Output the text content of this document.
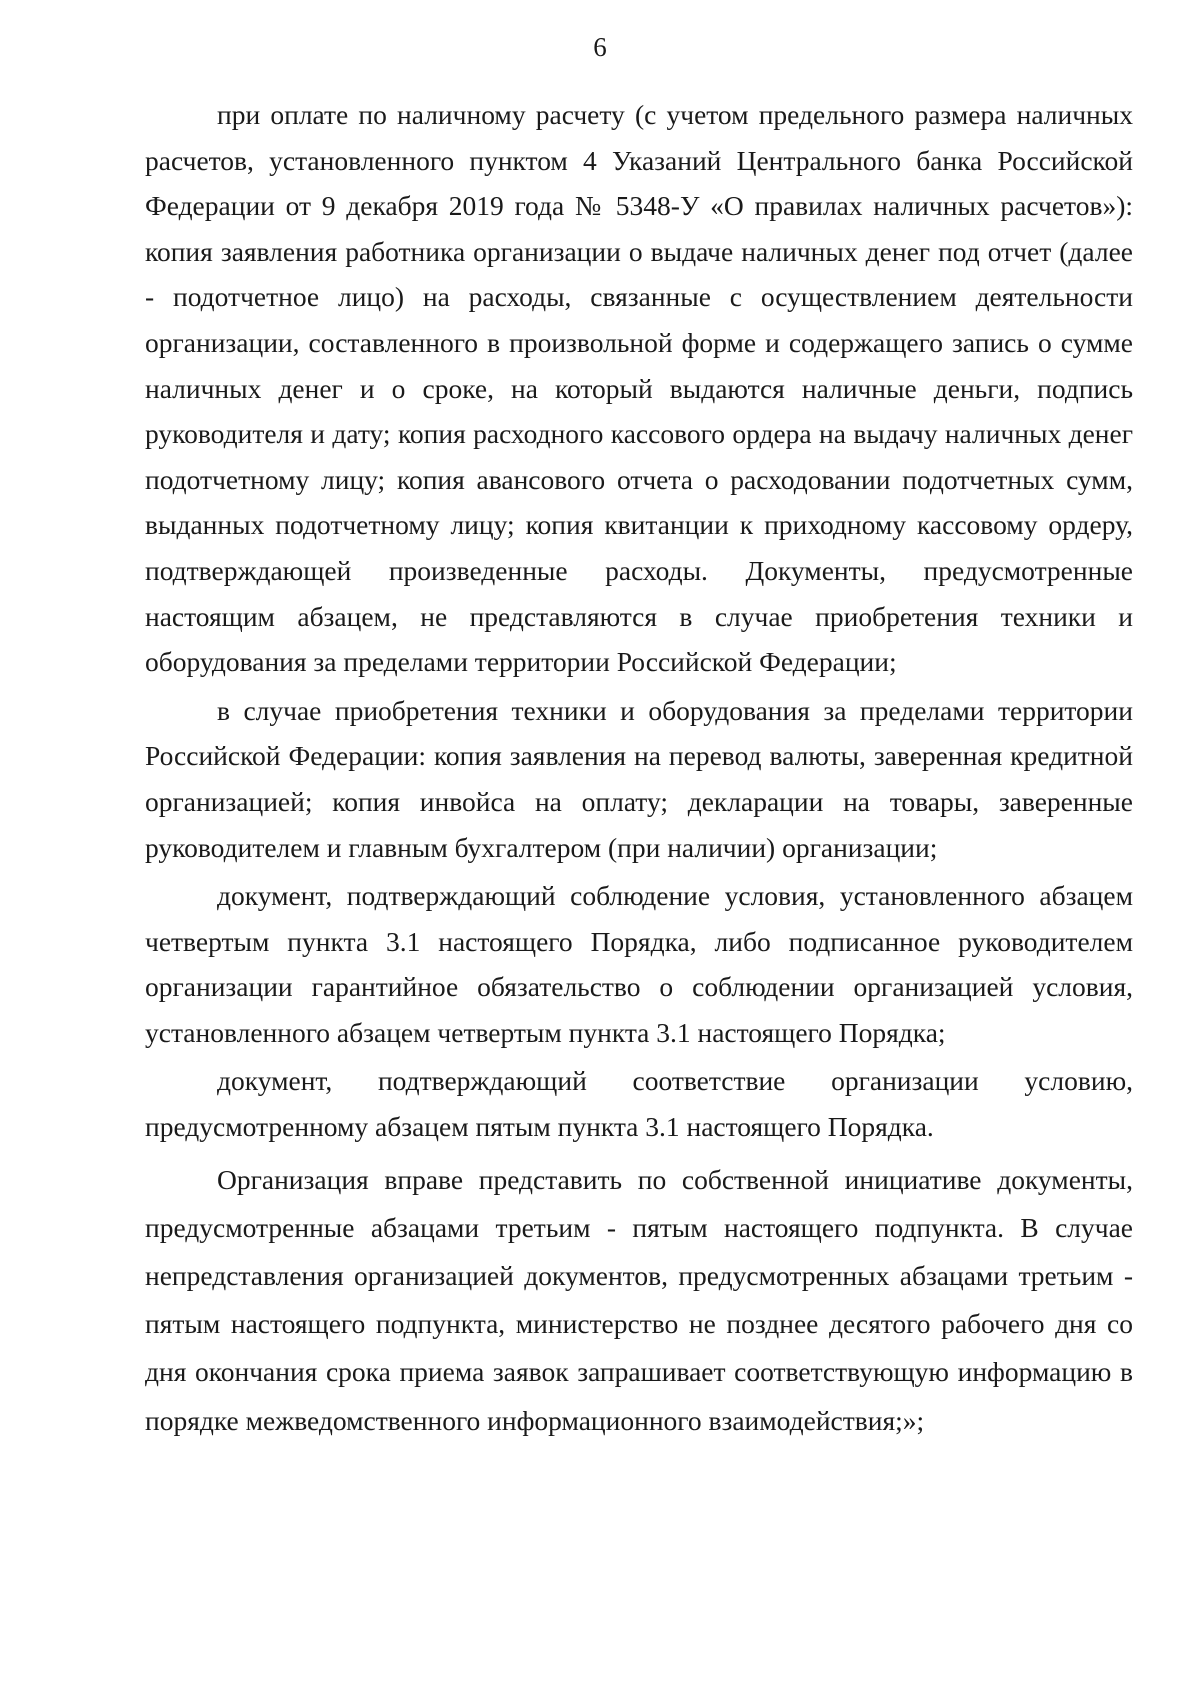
6

при оплате по наличному расчету (с учетом предельного размера наличных расчетов, установленного пунктом 4 Указаний Центрального банка Российской Федерации от 9 декабря 2019 года № 5348-У «О правилах наличных расчетов»): копия заявления работника организации о выдаче наличных денег под отчет (далее - подотчетное лицо) на расходы, связанные с осуществлением деятельности организации, составленного в произвольной форме и содержащего запись о сумме наличных денег и о сроке, на который выдаются наличные деньги, подпись руководителя и дату; копия расходного кассового ордера на выдачу наличных денег подотчетному лицу; копия авансового отчета о расходовании подотчетных сумм, выданных подотчетному лицу; копия квитанции к приходному кассовому ордеру, подтверждающей произведенные расходы. Документы, предусмотренные настоящим абзацем, не представляются в случае приобретения техники и оборудования за пределами территории Российской Федерации;

в случае приобретения техники и оборудования за пределами территории Российской Федерации: копия заявления на перевод валюты, заверенная кредитной организацией; копия инвойса на оплату; декларации на товары, заверенные руководителем и главным бухгалтером (при наличии) организации;

документ, подтверждающий соблюдение условия, установленного абзацем четвертым пункта 3.1 настоящего Порядка, либо подписанное руководителем организации гарантийное обязательство о соблюдении организацией условия, установленного абзацем четвертым пункта 3.1 настоящего Порядка;

документ, подтверждающий соответствие организации условию, предусмотренному абзацем пятым пункта 3.1 настоящего Порядка.

Организация вправе представить по собственной инициативе документы, предусмотренные абзацами третьим - пятым настоящего подпункта. В случае непредставления организацией документов, предусмотренных абзацами третьим - пятым настоящего подпункта, министерство не позднее десятого рабочего дня со дня окончания срока приема заявок запрашивает соответствующую информацию в порядке межведомственного информационного взаимодействия;»;
